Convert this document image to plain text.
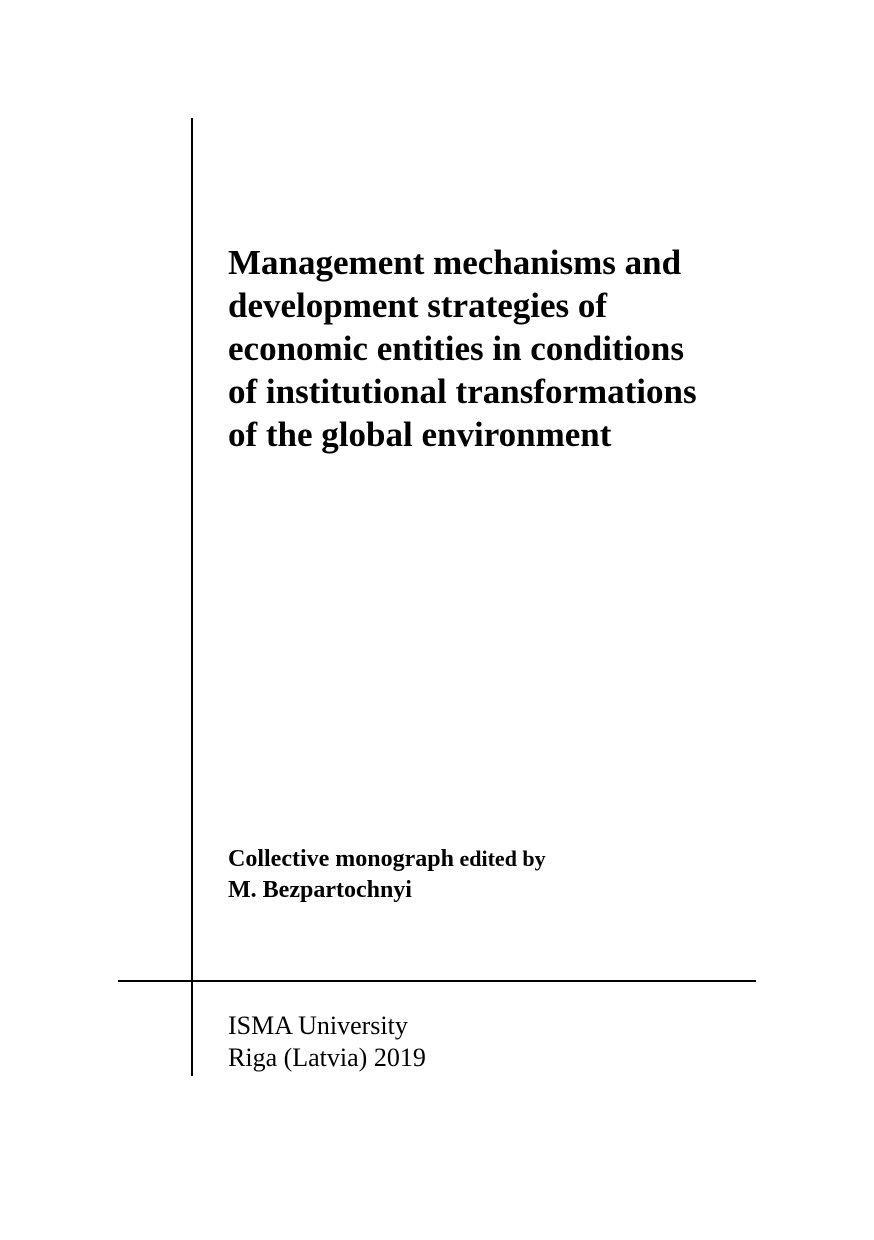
Management mechanisms and
development strategies of
economic entities in conditions
of institutional transformations
of the global environment
Collective monograph edited by
M. Bezpartochnyi
ISMA University
Riga (Latvia) 2019
